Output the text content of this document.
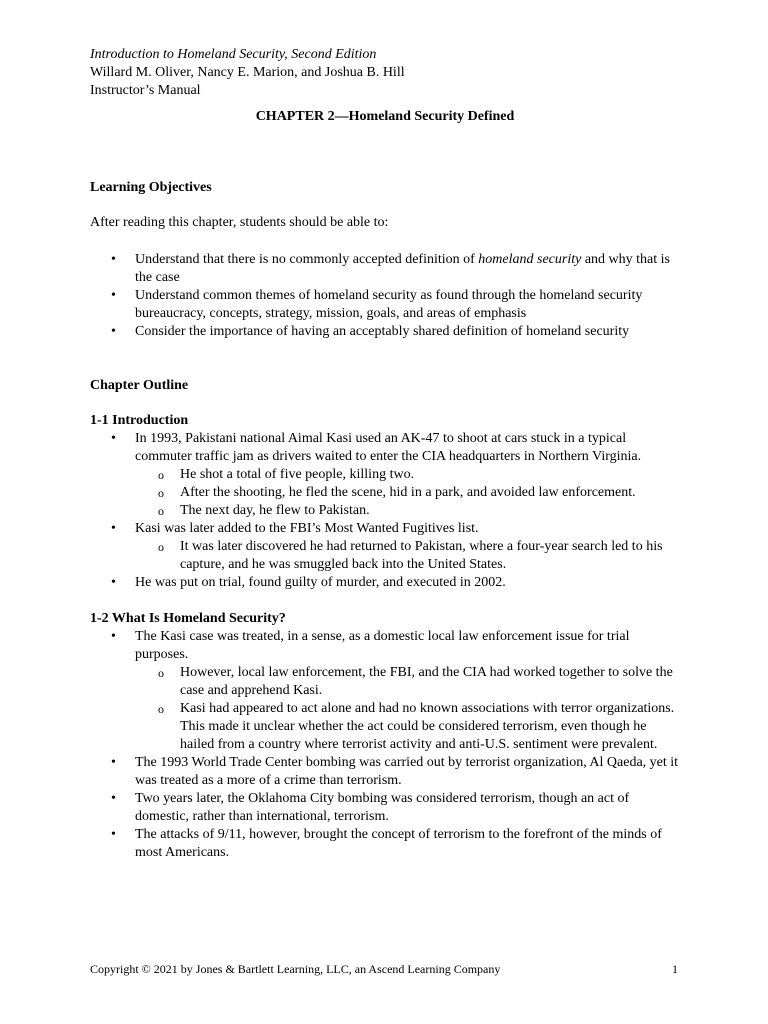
Introduction to Homeland Security, Second Edition

Willard M. Oliver, Nancy E. Marion, and Joshua B. Hill

Instructor’s Manual

CHAPTER 2—Homeland Security Defined

Learning Objectives

After reading this chapter, students should be able to:

• Understand that there is no commonly accepted definition of homeland security and why that is the case
• Understand common themes of homeland security as found through the homeland security bureaucracy, concepts, strategy, mission, goals, and areas of emphasis
• Consider the importance of having an acceptably shared definition of homeland security

Chapter Outline

1-1 Introduction

• In 1993, Pakistani national Aimal Kasi used an AK-47 to shoot at cars stuck in a typical commuter traffic jam as drivers waited to enter the CIA headquarters in Northern Virginia.
o He shot a total of five people, killing two.
o After the shooting, he fled the scene, hid in a park, and avoided law enforcement.
o The next day, he flew to Pakistan.
• Kasi was later added to the FBI’s Most Wanted Fugitives list.
o It was later discovered he had returned to Pakistan, where a four-year search led to his capture, and he was smuggled back into the United States.
• He was put on trial, found guilty of murder, and executed in 2002.

1-2 What Is Homeland Security?

• The Kasi case was treated, in a sense, as a domestic local law enforcement issue for trial purposes.
o However, local law enforcement, the FBI, and the CIA had worked together to solve the case and apprehend Kasi.
o Kasi had appeared to act alone and had no known associations with terror organizations. This made it unclear whether the act could be considered terrorism, even though he hailed from a country where terrorist activity and anti-U.S. sentiment were prevalent.
• The 1993 World Trade Center bombing was carried out by terrorist organization, Al Qaeda, yet it was treated as a more of a crime than terrorism.
• Two years later, the Oklahoma City bombing was considered terrorism, though an act of domestic, rather than international, terrorism.
• The attacks of 9/11, however, brought the concept of terrorism to the forefront of the minds of most Americans.
Copyright © 2021 by Jones & Bartlett Learning, LLC, an Ascend Learning Company	1
